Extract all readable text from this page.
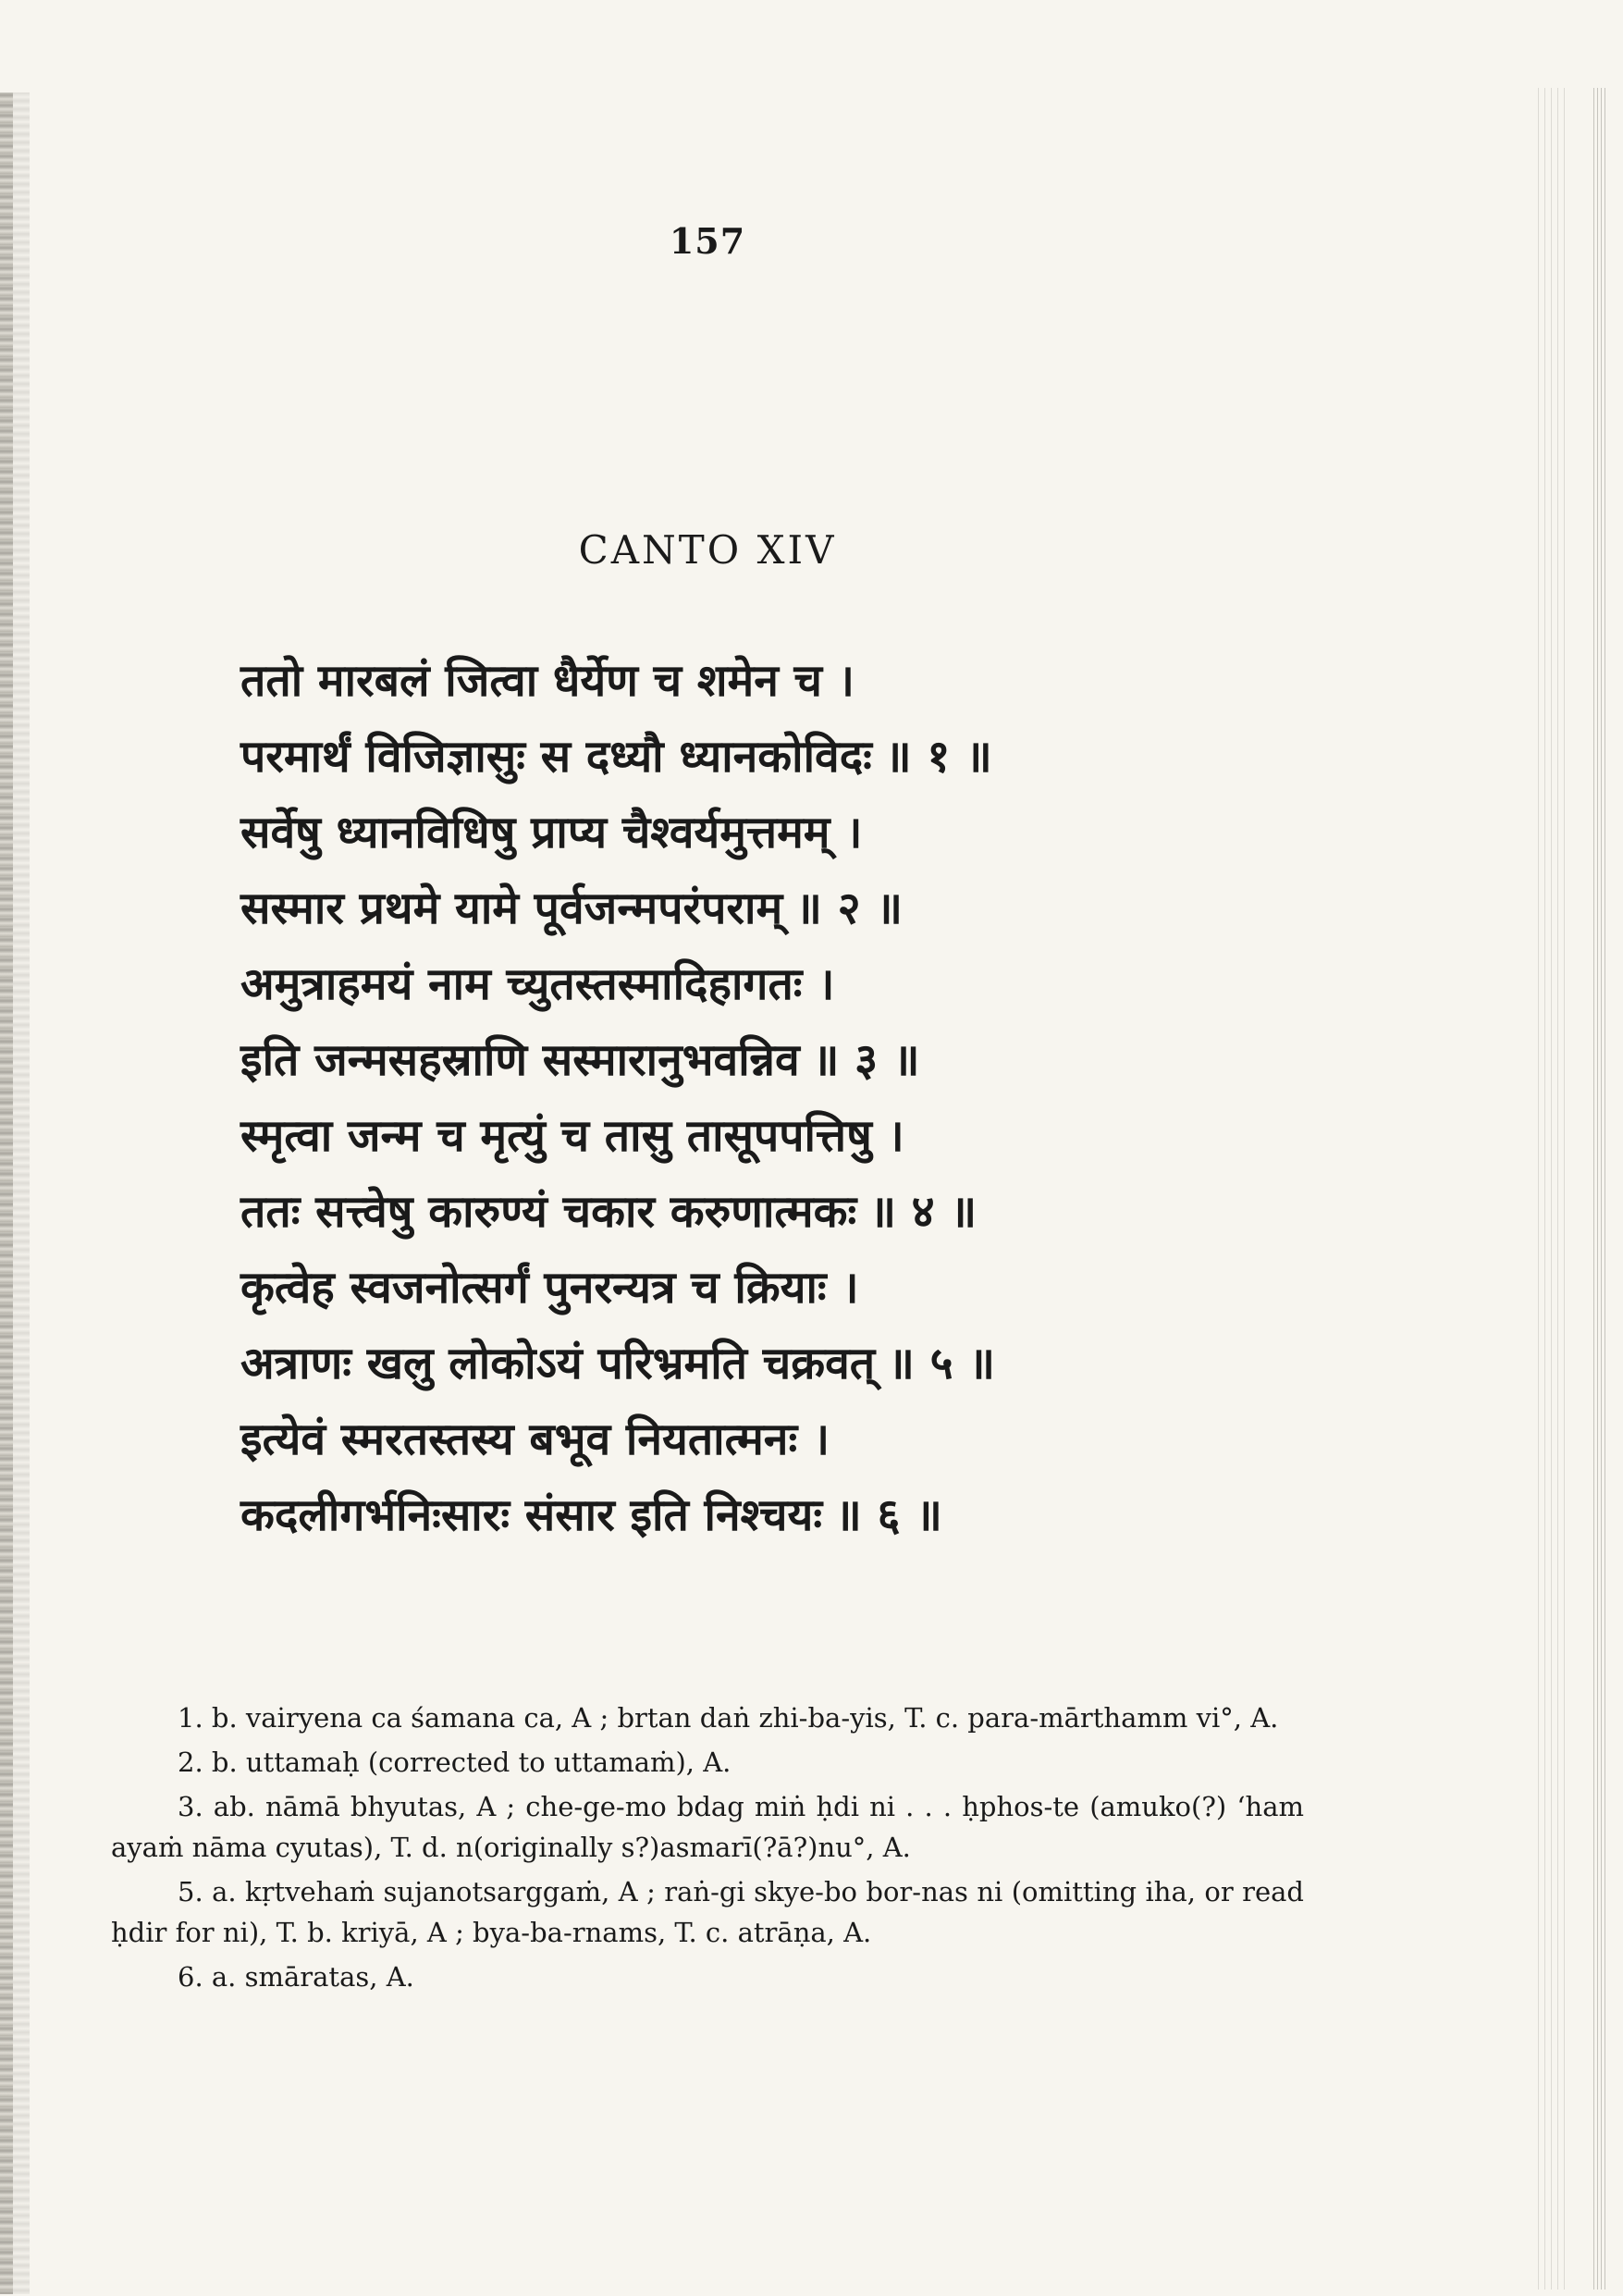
157
CANTO XIV
ततो मारबलं जित्वा धैर्येण च शमेन च ।
परमार्थं विजिज्ञासुः स दध्यौ ध्यानकोविदः ॥ १ ॥
सर्वेषु ध्यानविधिषु प्राप्य चैश्वर्यमुत्तमम् ।
सस्मार प्रथमे यामे पूर्वजन्मपरंपराम् ॥ २ ॥
अमुत्राहमयं नाम च्युतस्तस्मादिहागतः ।
इति जन्मसहस्राणि सस्मारानुभवन्निव ॥ ३ ॥
स्मृत्वा जन्म च मृत्युं च तासु तासूपपत्तिषु ।
ततः सत्त्वेषु कारुण्यं चकार करुणात्मकः ॥ ४ ॥
कृत्वेह स्वजनोत्सर्गं पुनरन्यत्र च क्रियाः ।
अत्राणः खलु लोकोऽयं परिभ्रमति चक्रवत् ॥ ५ ॥
इत्येवं स्मरतस्तस्य बभूव नियतात्मनः ।
कदलीगर्भनिःसारः संसार इति निश्चयः ॥ ६ ॥

1. b. vairyena ca śamana ca, A ; brtan daṅ zhi-ba-yis, T. c. para-mārthamm vi°, A.

2. b. uttamaḥ (corrected to uttamaṁ), A.

3. ab. nāmā bhyutas, A ; che-ge-mo bdag miṅ ḥdi ni . . . ḥphos-te (amuko(?) ‘ham ayaṁ nāma cyutas), T. d. n(originally s?)asmarī(?ā?)nu°, A.

5. a. kṛtvehaṁ sujanotsarggaṁ, A ; raṅ-gi skye-bo bor-nas ni (omitting iha, or read ḥdir for ni), T. b. kriyā, A ; bya-ba-rnams, T. c. atrāṇa, A.

6. a. smāratas, A.
